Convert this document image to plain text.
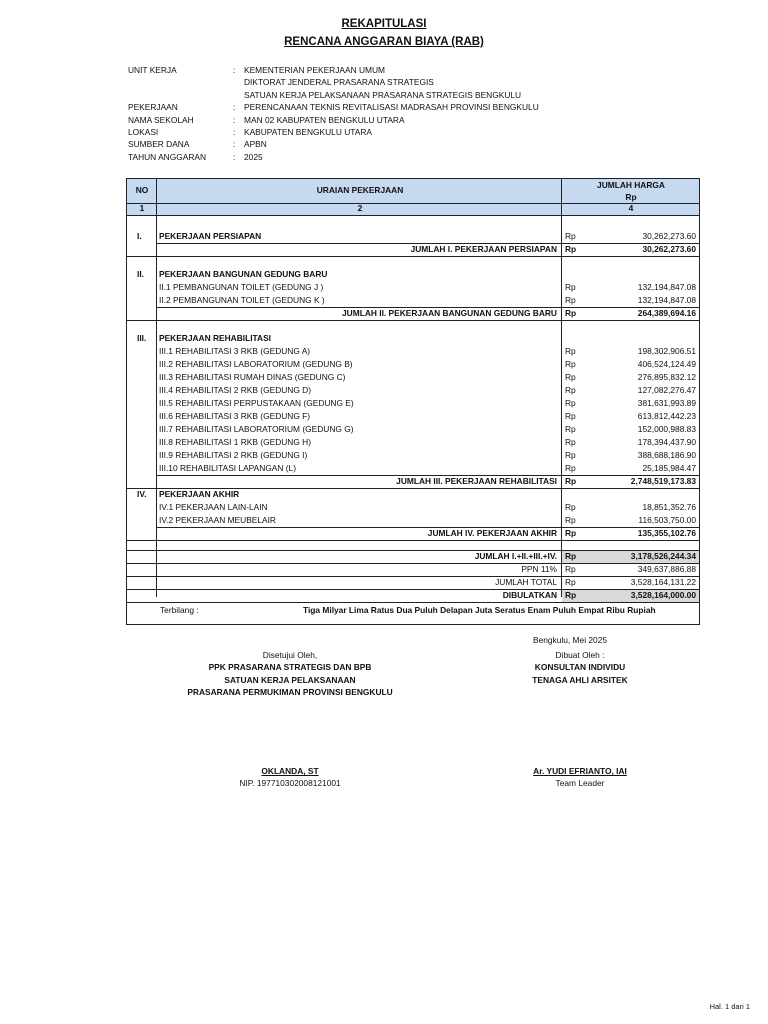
REKAPITULASI
RENCANA ANGGARAN BIAYA (RAB)
UNIT KERJA	: KEMENTERIAN PEKERJAAN UMUM
DIKTORAT JENDERAL PRASARANA STRATEGIS
SATUAN KERJA PELAKSANAAN PRASARANA STRATEGIS BENGKULU
PEKERJAAN	: PERENCANAAN TEKNIS REVITALISASI MADRASAH PROVINSI BENGKULU
NAMA SEKOLAH	: MAN 02 KABUPATEN BENGKULU UTARA
LOKASI	: KABUPATEN BENGKULU UTARA
SUMBER DANA	: APBN
TAHUN ANGGARAN	: 2025
NO	URAIAN PEKERJAAN	JUMLAH HARGA
Rp
1	2	4
I. PEKERJAAN PERSIAPAN	Rp	30,262,273.60
JUMLAH I. PEKERJAAN PERSIAPAN Rp	30,262,273.60
II. PEKERJAAN BANGUNAN GEDUNG BARU
II.1 PEMBANGUNAN TOILET (GEDUNG J )	Rp	132,194,847.08
II.2 PEMBANGUNAN TOILET (GEDUNG K )	Rp	132,194,847.08
JUMLAH II. PEKERJAAN BANGUNAN GEDUNG BARU Rp	264,389,694.16
III. PEKERJAAN REHABILITASI
III.1 REHABILITASI 3 RKB (GEDUNG A)	Rp	198,302,906.51
III.2 REHABILITASI LABORATORIUM (GEDUNG B)	Rp	406,524,124.49
III.3 REHABILITASI RUMAH DINAS (GEDUNG C)	Rp	276,895,832.12
III.4 REHABILITASI 2 RKB (GEDUNG D)	Rp	127,082,276.47
III.5 REHABILITASI PERPUSTAKAAN (GEDUNG E)	Rp	381,631,993.89
III.6 REHABILITASI 3 RKB (GEDUNG F)	Rp	613,812,442.23
III.7 REHABILITASI LABORATORIUM (GEDUNG G)	Rp	152,000,988.83
III.8 REHABILITASI 1 RKB (GEDUNG H)	Rp	178,394,437.90
III.9 REHABILITASI 2 RKB (GEDUNG I)	Rp	388,688,186.90
III.10 REHABILITASI LAPANGAN (L)	Rp	25,185,984.47
JUMLAH III. PEKERJAAN REHABILITASI Rp	2,748,519,173.83
IV. PEKERJAAN AKHIR
IV.1 PEKERJAAN LAIN-LAIN	Rp	18,851,352.76
IV.2 PEKERJAAN MEUBELAIR	Rp	116,503,750.00
JUMLAH IV. PEKERJAAN AKHIR Rp	135,355,102.76
JUMLAH I.+II.+III.+IV. Rp	3,178,526,244.34
PPN 11% Rp	349,637,886.88
JUMLAH TOTAL Rp	3,528,164,131.22
DIBULATKAN Rp	3,528,164,000.00
Terbilang :	Tiga Milyar Lima Ratus Dua Puluh Delapan Juta Seratus Enam Puluh Empat Ribu Rupiah
Bengkulu, Mei 2025
Disetujui Oleh,
PPK PRASARANA STRATEGIS DAN BPB
SATUAN KERJA PELAKSANAAN
PRASARANA PERMUKIMAN PROVINSI BENGKULU
OKLANDA, ST
NIP. 197710302008121001
Dibuat Oleh :
KONSULTAN INDIVIDU
TENAGA AHLI ARSITEK
Ar. YUDI EFRIANTO, IAI
Team Leader
Hal. 1 dari 1
